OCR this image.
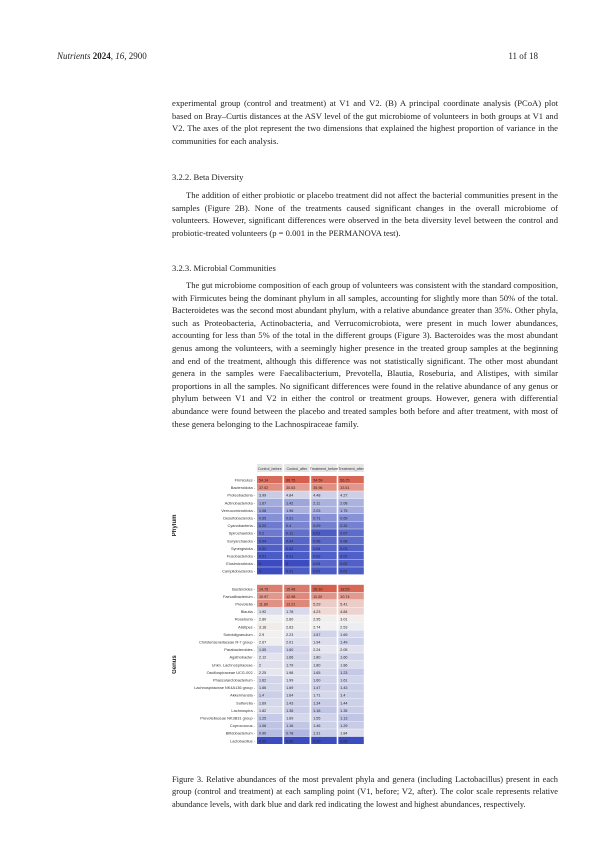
Nutrients 2024, 16, 2900	11 of 18

experimental group (control and treatment) at V1 and V2. (B) A principal coordinate analysis (PCoA) plot based on Bray–Curtis distances at the ASV level of the gut microbiome of volunteers in both groups at V1 and V2. The axes of the plot represent the two dimensions that explained the highest proportion of variance in the communities for each analysis.

3.2.2. Beta Diversity

The addition of either probiotic or placebo treatment did not affect the bacterial communities present in the samples (Figure 2B). None of the treatments caused significant changes in the overall microbiome of volunteers. However, significant differences were observed in the beta diversity level between the control and probiotic-treated volunteers (p = 0.001 in the PERMANOVA test).

3.2.3. Microbial Communities

The gut microbiome composition of each group of volunteers was consistent with the standard composition, with Firmicutes being the dominant phylum in all samples, accounting for slightly more than 50% of the total. Bacteroidetes was the second most abundant phylum, with a relative abundance greater than 35%. Other phyla, such as Proteobacteria, Actinobacteria, and Verrucomicrobiota, were present in much lower abundances, accounting for less than 5% of the total in the different groups (Figure 3). Bacteroides was the most abundant genus among the volunteers, with a seemingly higher presence in the treated group samples at the beginning and end of the treatment, although this difference was not statistically significant. The other most abundant genera in the samples were Faecalibacterium, Prevotella, Blautia, Roseburia, and Alistipes, with similar proportions in all the samples. No significant differences were found in the relative abundance of any genus or phylum between V1 and V2 in either the control or treatment groups. However, genera with differential abundance were found between the placebo and treated samples both before and after treatment, with most of these genera belonging to the Lachnospiraceae family.

Control_before Control_after Treatment_before Treatment_after
Firmicutes - 54.14	60.75	54.59	56.25
Bacteroidota - 37.02	30.63	35.96	33.51
Proteobacteria - 3.99	4.84	4.48	4.27
Actinobacteriota - 1.67	1.42	2.11	2.08
Verrucomicrobiota - 1.08	1.96	2.03	1.75
Desulfobacterota - 0.65	0.61	0.71	0.69
Cyanobacteria - 0.22	0.4	0.29	0.32
Spirochaetota - 0.2	0.11	0.01	0.07
Euryarchaeota - 0.04	0.04	0.06	0.08
Synergistota - 0.02	0.02	0.04	0.03
Fusobacteriota - 0.01	0.01	0.02	0.02
Elusimicrobiota - 0	0	0.04	0.02
Campilobacterota - 0	0.01	0.01	0.01
Phylum
Bacteroides - 14.75	15.48	20.10	18.59
Faecalibacterium - 10.97	12.98	11.30	10.74
Prevotella - 11.89	13.21	5.29	5.41
Blautia - 1.92	1.78	4.23	4.84
Roseburia - 2.80	2.60	2.95	3.01
Alistipes - 3.16	2.63	2.74	2.53
Subdoligranulum - 2.9	2.23	1.57	1.69
Christensenellaceae R-7 group - 2.67	2.01	1.94	1.49
Parabacteroides - 1.55	1.60	2.24	2.05
Agathobacter - 2.12	1.66	1.80	1.60
Unkn. Lachnospiraceae - 2	1.79	1.80	1.86
Oscillospiraceae UCG-002 - 2.25	1.98	1.65	1.23
Phascolarctobacterium - 1.62	1.99	1.60	1.61
Lachnospiraceae NK4A136 group - 1.66	1.69	1.47	1.43
Akkermansia - 1.4	1.64	1.71	1.4
Sutterella - 1.69	1.43	1.34	1.44
Lachnospira - 1.82	1.36	1.16	1.35
Prevotellaceae NK3B31 group - 1.25	1.69	1.55	1.13
Coprococcus - 1.06	1.16	1.46	1.29
Bifidobacterium - 0.90	0.78	1.31	1.84
Lactobacillus - 0.00	0.00	0.00	0.00
Genus
Figure 3. Relative abundances of the most prevalent phyla and genera (including Lactobacillus) present in each group (control and treatment) at each sampling point (V1, before; V2, after). The color scale represents relative abundance levels, with dark blue and dark red indicating the lowest and highest abundances, respectively.
